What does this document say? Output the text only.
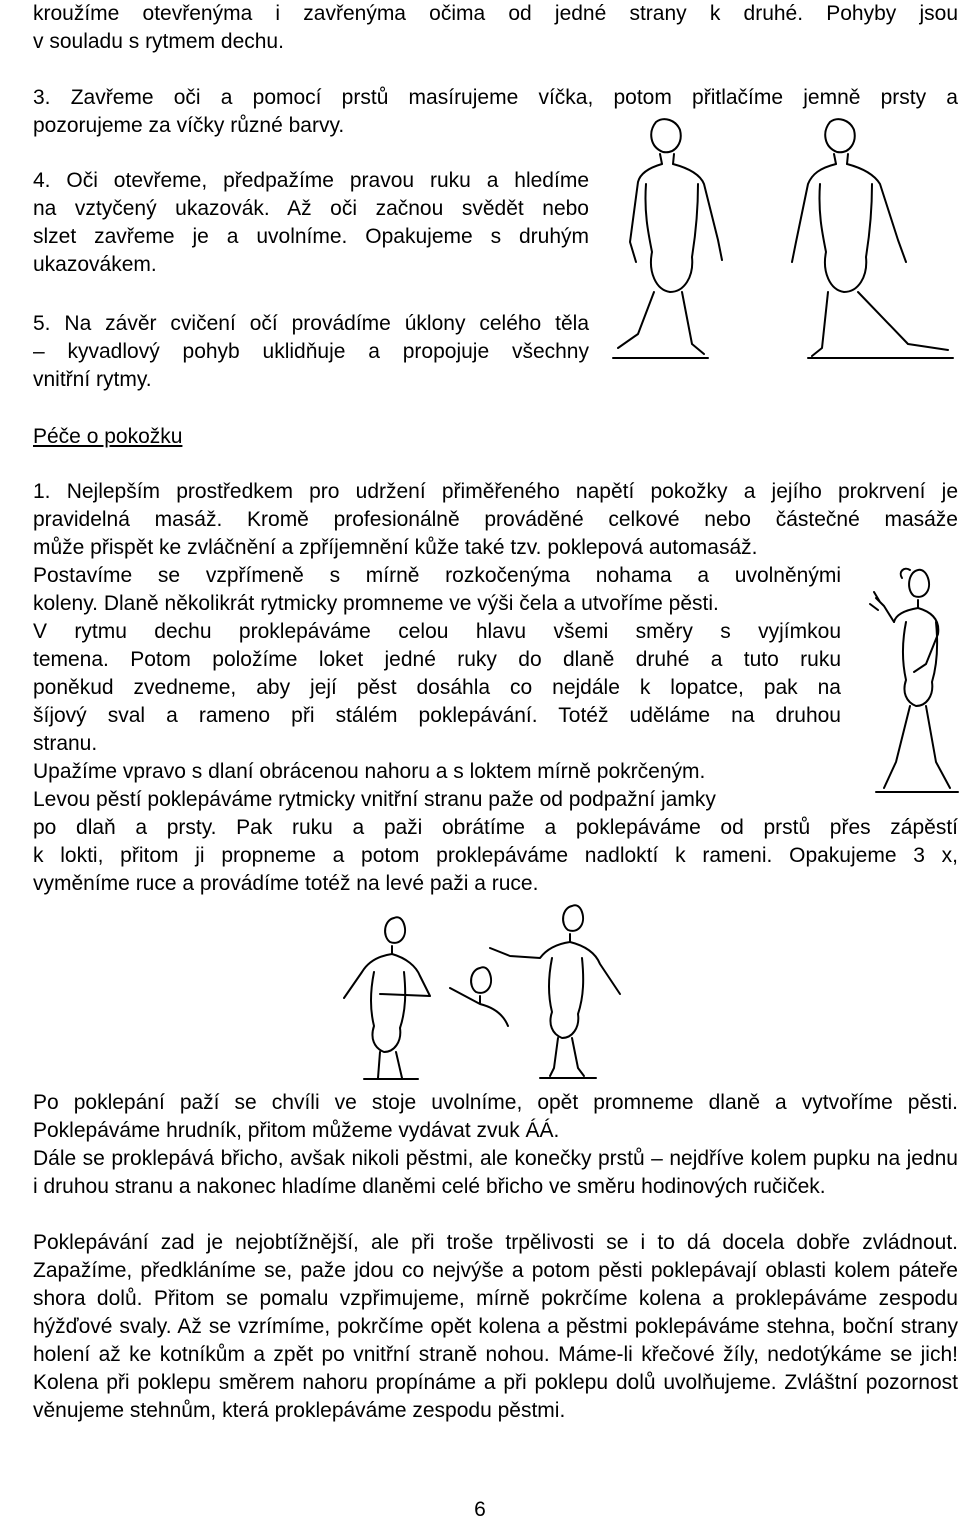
kroužíme otevřenýma i zavřenýma očima od jedné strany k druhé. Pohyby jsou

v souladu s rytmem dechu.

3. Zavřeme oči a pomocí prstů masírujeme víčka, potom přitlačíme jemně prsty a

pozorujeme za víčky různé barvy.

4. Oči otevřeme, předpažíme pravou ruku a hledíme

na vztyčený ukazovák. Až oči začnou svědět nebo

slzet zavřeme je a uvolníme. Opakujeme s druhým

ukazovákem.

5. Na závěr cvičení očí provádíme úklony celého těla

– kyvadlový pohyb uklidňuje a propojuje všechny

vnitřní rytmy.

Péče o pokožku

1. Nejlepším prostředkem pro udržení přiměřeného napětí pokožky a jejího prokrvení je

pravidelná masáž. Kromě profesionálně prováděné celkové nebo částečné masáže

může přispět ke zvláčnění a zpříjemnění kůže také tzv. poklepová automasáž.

Postavíme se vzpřímeně s mírně rozkočenýma nohama a uvolněnými

koleny. Dlaně několikrát rytmicky promneme ve výši čela a utvoříme pěsti.

V rytmu dechu proklepáváme celou hlavu všemi směry s vyjímkou

temena. Potom položíme loket jedné ruky do dlaně druhé a tuto ruku

poněkud zvedneme, aby její pěst dosáhla co nejdále k lopatce, pak na

šíjový sval a rameno při stálém poklepávání. Totéž uděláme na druhou

stranu.

Upažíme vpravo s dlaní obrácenou nahoru a s loktem mírně pokrčeným.

Levou pěstí poklepáváme rytmicky vnitřní stranu paže od podpažní jamky

po dlaň a prsty. Pak ruku a paži obrátíme a poklepáváme od prstů přes zápěstí

k lokti, přitom ji propneme a potom proklepáváme nadloktí k rameni. Opakujeme 3 x,

vyměníme ruce a provádíme totéž na levé paži a ruce.

Po poklepání paží se chvíli ve stoje uvolníme, opět promneme dlaně a vytvoříme pěsti. Poklepáváme hrudník, přitom můžeme vydávat zvuk ÁÁ.

Dále se proklepává břicho, avšak nikoli pěstmi, ale konečky prstů – nejdříve kolem pupku na jednu i druhou stranu a nakonec hladíme dlaněmi celé břicho ve směru hodinových ručiček.

Poklepávání zad je nejobtížnější, ale při troše trpělivosti se i to dá docela dobře zvládnout. Zapažíme, předkláníme se, paže jdou co nejvýše a potom pěsti poklepávají oblasti kolem páteře shora dolů. Přitom se pomalu vzpřimujeme, mírně pokrčíme kolena a proklepáváme zespodu hýžďové svaly. Až se vzrímíme, pokrčíme opět kolena a pěstmi poklepáváme stehna, boční strany holení až ke kotníkům a zpět po vnitřní straně nohou. Máme-li křečové žíly, nedotýkáme se jich! Kolena při poklepu směrem nahoru propínáme a při poklepu dolů uvolňujeme. Zvláštní pozornost věnujeme stehnům, která proklepáváme zespodu pěstmi.

6
